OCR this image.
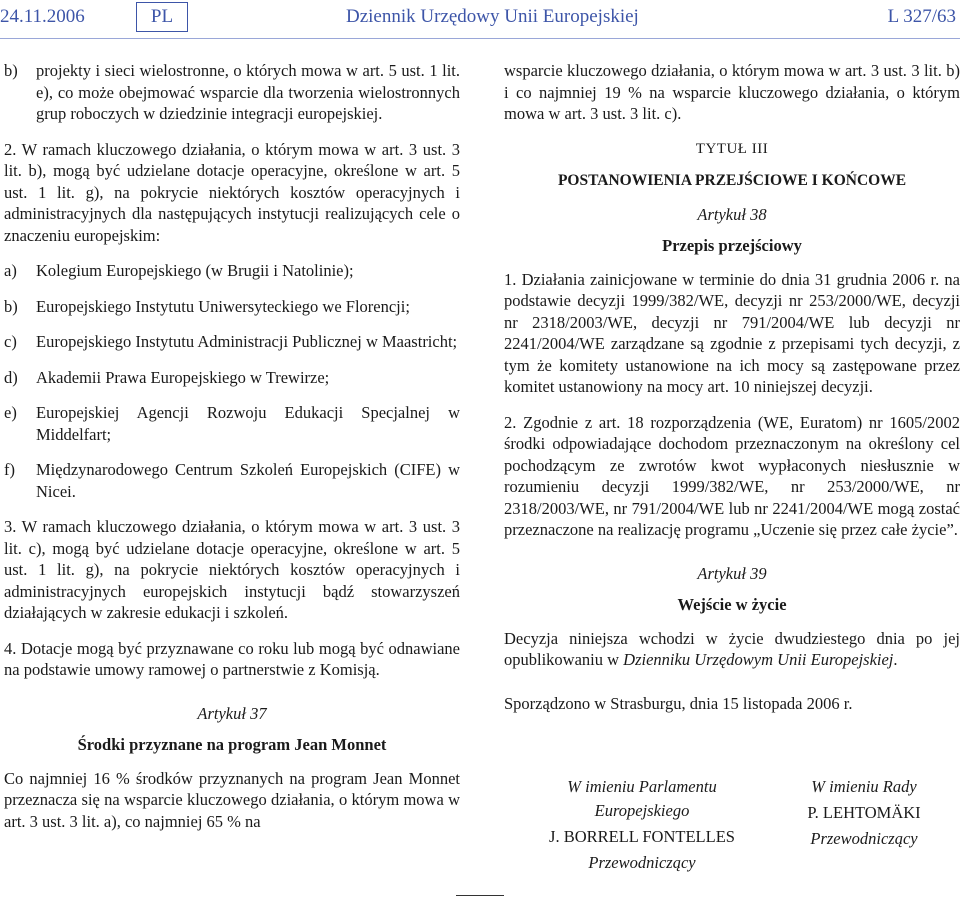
24.11.2006	PL	Dziennik Urzędowy Unii Europejskiej	L 327/63
b)	projekty i sieci wielostronne, o których mowa w art. 5 ust. 1 lit. e), co może obejmować wsparcie dla tworzenia wielostronnych grup roboczych w dziedzinie integracji europejskiej.

2. W ramach kluczowego działania, o którym mowa w art. 3 ust. 3 lit. b), mogą być udzielane dotacje operacyjne, określone w art. 5 ust. 1 lit. g), na pokrycie niektórych kosztów operacyjnych i administracyjnych dla następujących instytucji realizujących cele o znaczeniu europejskim:

a)	Kolegium Europejskiego (w Brugii i Natolinie);
b)	Europejskiego Instytutu Uniwersyteckiego we Florencji;
c)	Europejskiego Instytutu Administracji Publicznej w Maastricht;
d)	Akademii Prawa Europejskiego w Trewirze;
e)	Europejskiej Agencji Rozwoju Edukacji Specjalnej w Middelfart;
f)	Międzynarodowego Centrum Szkoleń Europejskich (CIFE) w Nicei.

3. W ramach kluczowego działania, o którym mowa w art. 3 ust. 3 lit. c), mogą być udzielane dotacje operacyjne, określone w art. 5 ust. 1 lit. g), na pokrycie niektórych kosztów operacyjnych i administracyjnych europejskich instytucji bądź stowarzyszeń działających w zakresie edukacji i szkoleń.

4. Dotacje mogą być przyznawane co roku lub mogą być odnawiane na podstawie umowy ramowej o partnerstwie z Komisją.

Artykuł 37

Środki przyznane na program Jean Monnet

Co najmniej 16 % środków przyznanych na program Jean Monnet przeznacza się na wsparcie kluczowego działania, o którym mowa w art. 3 ust. 3 lit. a), co najmniej 65 % na

wsparcie kluczowego działania, o którym mowa w art. 3 ust. 3 lit. b) i co najmniej 19 % na wsparcie kluczowego działania, o którym mowa w art. 3 ust. 3 lit. c).

TYTUŁ III

POSTANOWIENIA PRZEJŚCIOWE I KOŃCOWE

Artykuł 38

Przepis przejściowy

1. Działania zainicjowane w terminie do dnia 31 grudnia 2006 r. na podstawie decyzji 1999/382/WE, decyzji nr 253/2000/WE, decyzji nr 2318/2003/WE, decyzji nr 791/2004/WE lub decyzji nr 2241/2004/WE zarządzane są zgodnie z przepisami tych decyzji, z tym że komitety ustanowione na ich mocy są zastępowane przez komitet ustanowiony na mocy art. 10 niniejszej decyzji.

2. Zgodnie z art. 18 rozporządzenia (WE, Euratom) nr 1605/2002 środki odpowiadające dochodom przeznaczonym na określony cel pochodzącym ze zwrotów kwot wypłaconych niesłusznie w rozumieniu decyzji 1999/382/WE, nr 253/2000/WE, nr 2318/2003/WE, nr 791/2004/WE lub nr 2241/2004/WE mogą zostać przeznaczone na realizację programu „Uczenie się przez całe życie”.

Artykuł 39

Wejście w życie

Decyzja niniejsza wchodzi w życie dwudziestego dnia po jej opublikowaniu w Dzienniku Urzędowym Unii Europejskiej.

Sporządzono w Strasburgu, dnia 15 listopada 2006 r.

W imieniu Parlamentu Europejskiego
J. BORRELL FONTELLES
Przewodniczący
W imieniu Rady
P. LEHTOMÄKI
Przewodniczący
